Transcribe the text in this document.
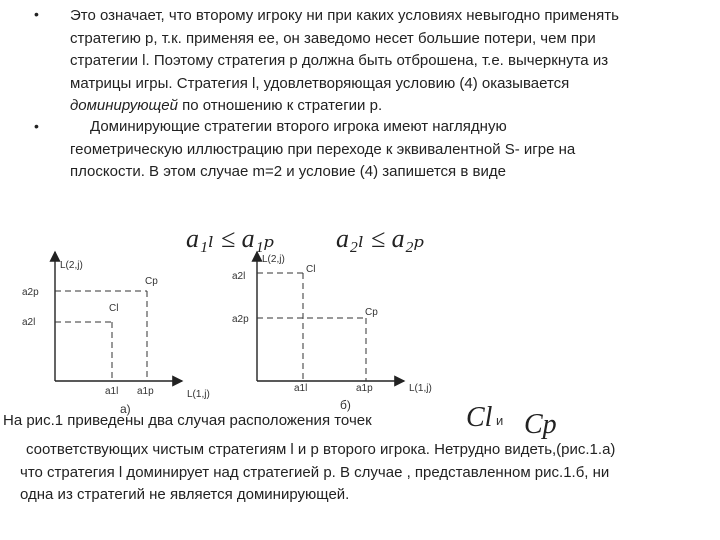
•
•
Это означает, что второму игроку ни при каких условиях невыгодно применять
стратегию p, т.к. применяя ее, он заведомо несет большие потери, чем при
стратегии l. Поэтому стратегия p должна быть отброшена, т.е. вычеркнута из
матрицы игры. Стратегия l, удовлетворяющая условию (4) оказывается
доминирующей по отношению к стратегии p.
Доминирующие стратегии второго игрока имеют наглядную
геометрическую иллюстрацию при переходе к эквивалентной S- игре на
плоскости. В этом случае m=2 и условие (4) запишется в виде
a₁ₗ ≤ a₁ₚ a₂ₗ ≤ a₂ₚ
L(2,j)
L(1,j)
a2p
a2l
Cp
Cl
a1l a1p
а)
L(2,j)
L(1,j)
a2l
a2p
Cl
Cp
a1l	a1p
б)	Cl и Cp
На рис.1 приведены два случая расположения точек
соответствующих чистым стратегиям l и p второго игрока. Нетрудно видеть,(рис.1.а)
что стратегия l доминирует над стратегией p. В случае , представленном рис.1.б, ни
одна из стратегий не является доминирующей.
